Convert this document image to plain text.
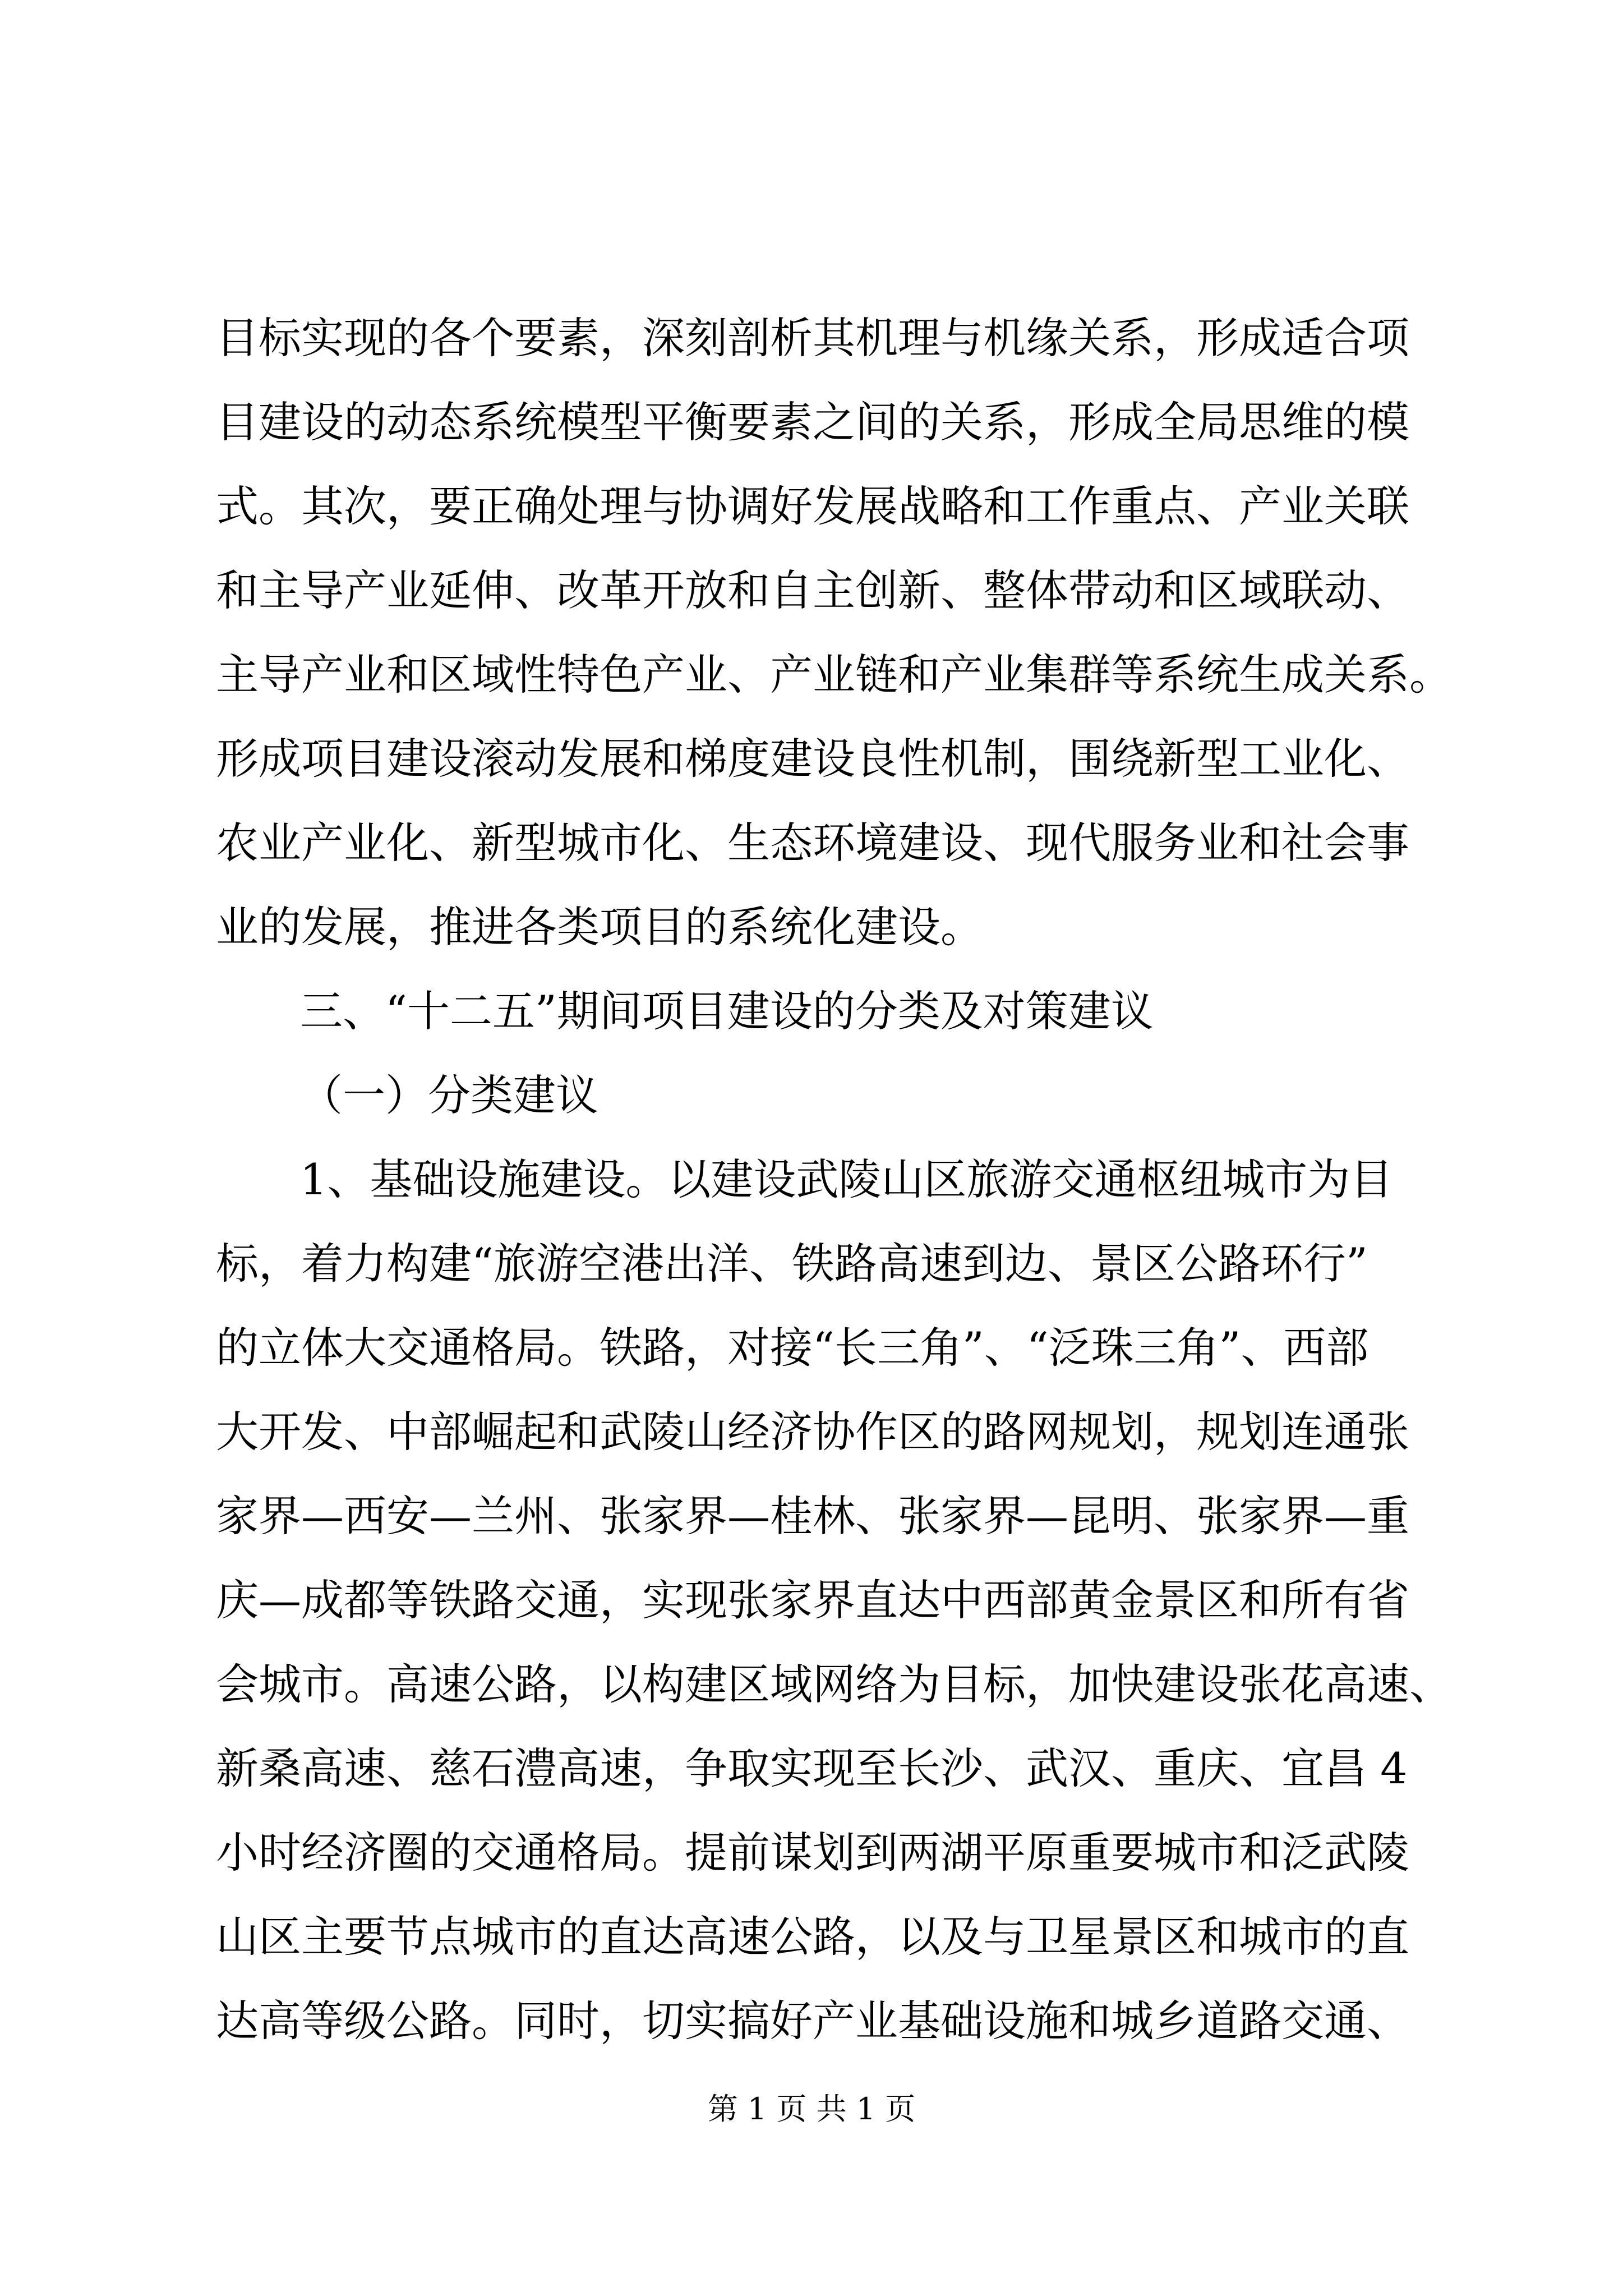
目标实现的各个要素，深刻剖析其机理与机缘关系，形成适合项
目建设的动态系统模型平衡要素之间的关系，形成全局思维的模
式。其次，要正确处理与协调好发展战略和工作重点、产业关联
和主导产业延伸、改革开放和自主创新、整体带动和区域联动、
主导产业和区域性特色产业、产业链和产业集群等系统生成关系。
形成项目建设滚动发展和梯度建设良性机制，围绕新型工业化、
农业产业化、新型城市化、生态环境建设、现代服务业和社会事
业的发展，推进各类项目的系统化建设。
三、“十二五”期间项目建设的分类及对策建议
（一）分类建议
1、基础设施建设。以建设武陵山区旅游交通枢纽城市为目
标，着力构建“旅游空港出洋、铁路高速到边、景区公路环行”
的立体大交通格局。铁路，对接“长三角”、“泛珠三角”、西部
大开发、中部崛起和武陵山经济协作区的路网规划，规划连通张
家界—西安—兰州、张家界—桂林、张家界—昆明、张家界—重
庆—成都等铁路交通，实现张家界直达中西部黄金景区和所有省
会城市。高速公路，以构建区域网络为目标，加快建设张花高速、
新桑高速、慈石澧高速，争取实现至长沙、武汉、重庆、宜昌 4
小时经济圈的交通格局。提前谋划到两湖平原重要城市和泛武陵
山区主要节点城市的直达高速公路，以及与卫星景区和城市的直
达高等级公路。同时，切实搞好产业基础设施和城乡道路交通、
第 1 页 共 1 页
